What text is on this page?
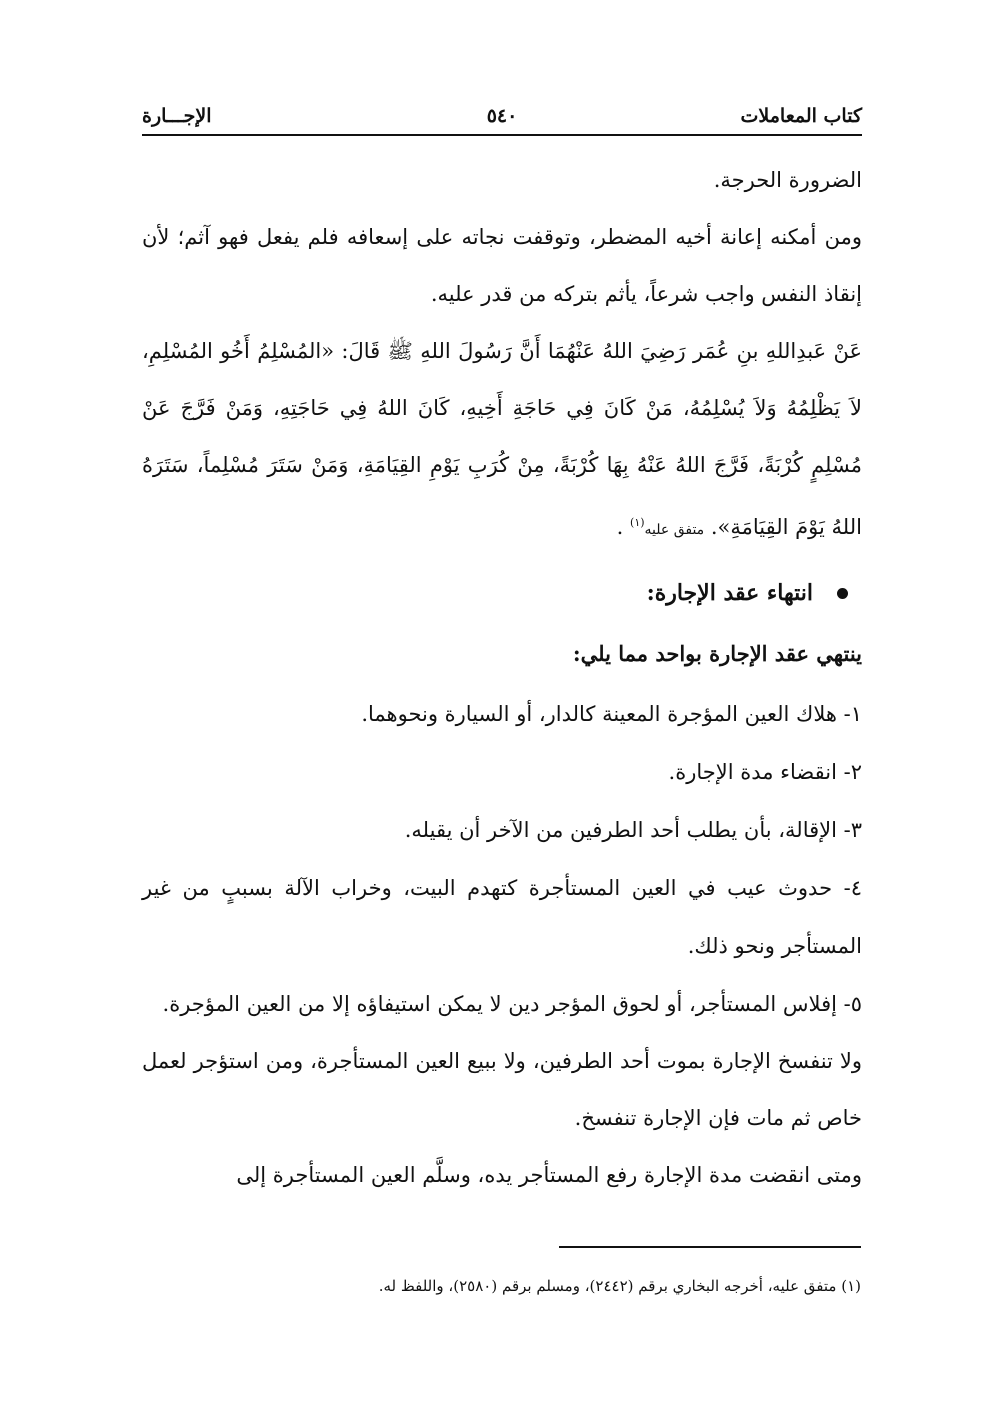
كتاب المعاملات
٥٤٠
الإجـــارة

الضرورة الحرجة.

ومن أمكنه إعانة أخيه المضطر، وتوقفت نجاته على إسعافه فلم يفعل فهو آثم؛ لأن إنقاذ النفس واجب شرعاً، يأثم بتركه من قدر عليه.

عَنْ عَبدِاللهِ بنِ عُمَر رَضِيَ اللهُ عَنْهُمَا أَنَّ رَسُولَ اللهِ ﷺ قَالَ: «المُسْلِمُ أَخُو المُسْلِمِ، لاَ يَظْلِمُهُ وَلاَ يُسْلِمُهُ، مَنْ كَانَ فِي حَاجَةِ أَخِيهِ، كَانَ اللهُ فِي حَاجَتِهِ، وَمَنْ فَرَّجَ عَنْ مُسْلِمٍ كُرْبَةً، فَرَّجَ اللهُ عَنْهُ بِهَا كُرْبَةً، مِنْ كُرَبِ يَوْمِ القِيَامَةِ، وَمَنْ سَتَرَ مُسْلِماً، سَتَرَهُ اللهُ يَوْمَ القِيَامَةِ». متفق عليه$^{(١)}$ .

انتهاء عقد الإجارة:

ينتهي عقد الإجارة بواحد مما يلي:

١- هلاك العين المؤجرة المعينة كالدار، أو السيارة ونحوهما.

٢- انقضاء مدة الإجارة.

٣- الإقالة، بأن يطلب أحد الطرفين من الآخر أن يقيله.

٤- حدوث عيب في العين المستأجرة كتهدم البيت، وخراب الآلة بسببٍ من غير المستأجر ونحو ذلك.

٥- إفلاس المستأجر، أو لحوق المؤجر دين لا يمكن استيفاؤه إلا من العين المؤجرة.

ولا تنفسخ الإجارة بموت أحد الطرفين، ولا ببيع العين المستأجرة، ومن استؤجر لعمل خاص ثم مات فإن الإجارة تنفسخ.

ومتى انقضت مدة الإجارة رفع المستأجر يده، وسلَّم العين المستأجرة إلى

(١) متفق عليه، أخرجه البخاري برقم (٢٤٤٢)، ومسلم برقم (٢٥٨٠)، واللفظ له.
